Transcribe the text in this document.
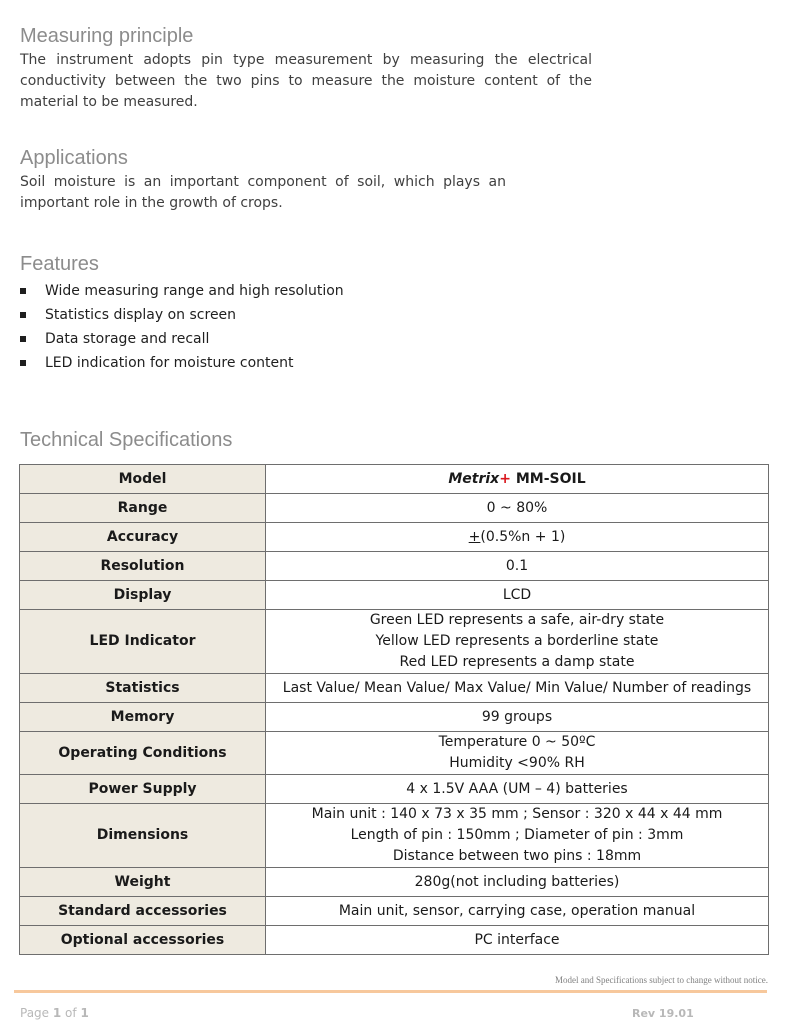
Measuring principle

The instrument adopts pin type measurement by measuring the electrical conductivity between the two pins to measure the moisture content of the material to be measured.

Applications

Soil moisture is an important component of soil, which plays an important role in the growth of crops.

Features
Wide measuring range and high resolution
Statistics display on screen
Data storage and recall
LED indication for moisture content
Technical Specifications
Model	Metrix+ MM-SOIL
Range	0 ~ 80%

Accuracy	+(0.5%n + 1)
Resolution	0.1

Display	LCD

LED Indicator	Green LED represents a safe, air-dry state
Yellow LED represents a borderline state
Red LED represents a damp state

Statistics	Last Value/ Mean Value/ Max Value/ Min Value/ Number of readings

Memory	99 groups

Operating Conditions	Temperature 0 ~ 50ºC
Humidity <90% RH

Power Supply	4 x 1.5V AAA (UM – 4) batteries

Dimensions	Main unit : 140 x 73 x 35 mm ; Sensor : 320 x 44 x 44 mm
Length of pin : 150mm ; Diameter of pin : 3mm
Distance between two pins : 18mm

Weight	280g(not including batteries)

Standard accessories	Main unit, sensor, carrying case, operation manual

Optional accessories	PC interface
Model and Specifications subject to change without notice.
Page 1 of 1	Rev 19.01
